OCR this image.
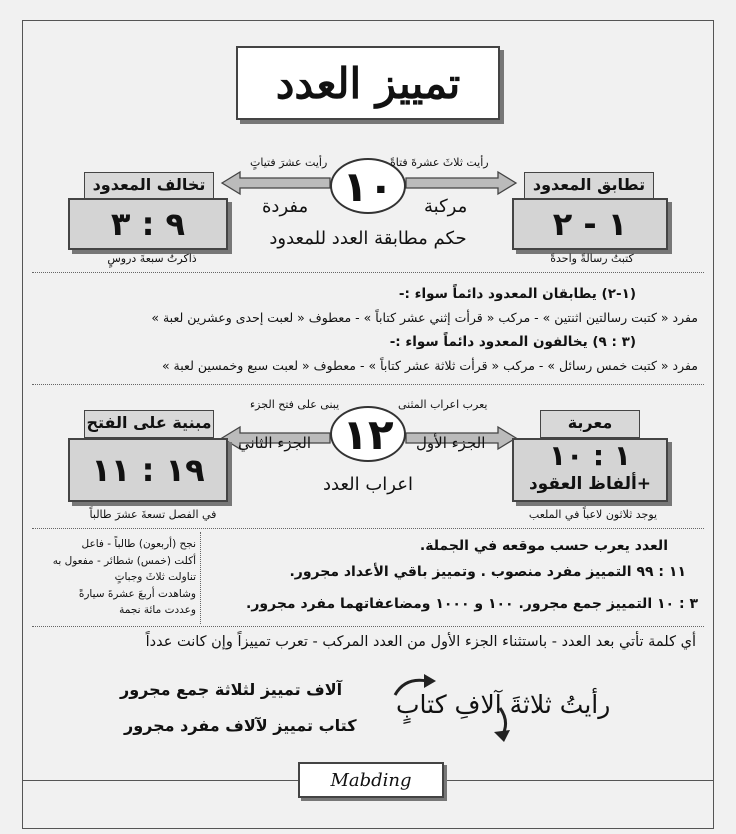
تمييز العدد
تخالف المعدود
٩ : ٣
ذاكرتُ سبعةَ دروسٍ
تطابق المعدود
١ - ٢
كتبتُ رسالةً واحدةً
١٠
رأيت عشرَ فتياتٍ	رأيت ثلاثَ عشرةَ فتاةً
مفردة	مركبة
حكم مطابقة العدد للمعدود
(١-٢) يطابقان المعدود دائماً سواء :-
مفرد « كتبت رسالتين اثنتين » - مركب « قرأت إثني عشر كتاباً » - معطوف « لعبت إحدى وعشرين لعبة »
(٣ : ٩) يخالفون المعدود دائماً سواء :-
مفرد « كتبت خمس رسائل » - مركب « قرأت ثلاثة عشر كتاباً » - معطوف « لعبت سبع وخمسين لعبة »
مبنية على الفتح
١٩ : ١١
في الفصل تسعةَ عشرَ طالباً
معربة
١ : ١٠
+ألفاظ العقود
يوجد ثلاثون لاعباً في الملعب
١٢
يبنى على فتح الجزء	يعرب اعراب المثنى
الجزء الثاني	الجزء الأول
اعراب العدد
نجح (أربعون) طالباً - فاعل
أكلت (خمس) شطائر - مفعول به
تناولت ثلاثَ وجباتٍ
وشاهدت أربعَ عشرةَ سيارةً
وعددت مائة نجمة
العدد يعرب حسب موقعه في الجملة.
١١ : ٩٩ التمييز مفرد منصوب . وتمييز باقي الأعداد مجرور.
٣ : ١٠ التمييز جمع مجرور. ١٠٠ و ١٠٠٠ ومضاعفاتهما مفرد مجرور.
أي كلمة تأتي بعد العدد - باستثناء الجزء الأول من العدد المركب - تعرب تمييزاً وإن كانت عدداً
رأيتُ ثلاثةَ آلافِ كتابٍ
آلاف تمييز لثلاثة جمع مجرور
كتاب تمييز لآلاف مفرد مجرور
Mabding
